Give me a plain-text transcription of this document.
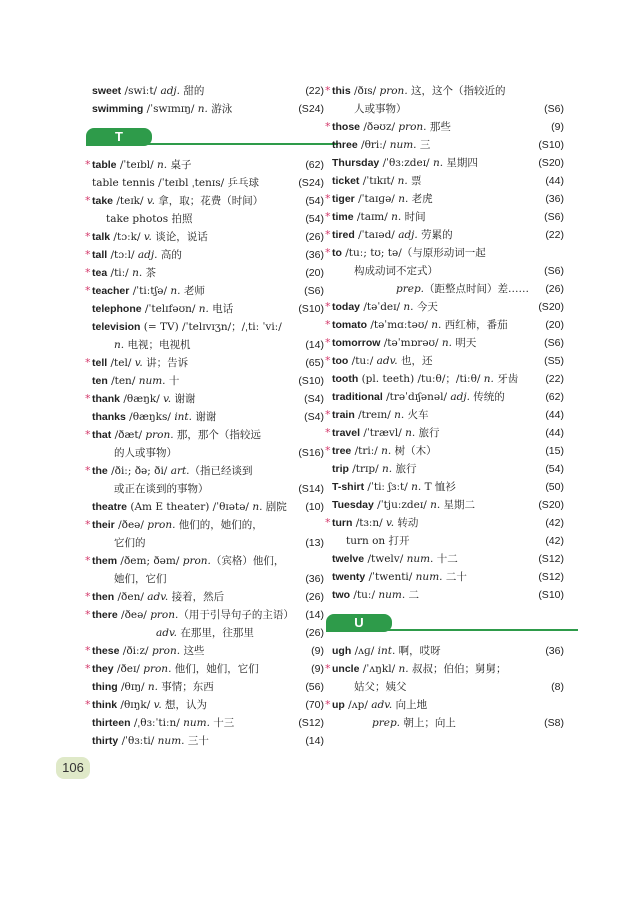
sweet /swiːt/ adj. 甜的	(22)
swimming /ˈswɪmɪŋ/ n. 游泳	(S24)
T
* table /ˈteɪbl/ n. 桌子	(62)
table tennis /ˈteɪbl ˌtenɪs/ 乒乓球	(S24)
* take /teɪk/ v. 拿，取；花费（时间）	(54)
take photos 拍照	(54)
* talk /tɔːk/ v. 谈论，说话	(26)
* tall /tɔːl/ adj. 高的	(36)
* tea /tiː/ n. 茶	(20)
* teacher /ˈtiːtʃə/ n. 老师	(S6)
telephone /ˈtelɪfəʊn/ n. 电话	(S10)
television (= TV) /ˈtelɪvɪʒn/；/ˌtiː ˈviː/
n. 电视；电视机	(14)
* tell /tel/ v. 讲；告诉	(65)
ten /ten/ num. 十	(S10)
* thank /θæŋk/ v. 谢谢	(S4)
thanks /θæŋks/ int. 谢谢	(S4)
* that /ðæt/ pron. 那，那个（指较远
的人或事物）	(S16)
* the /ðiː; ðə; ði/ art.（指已经谈到
或正在谈到的事物）	(S14)
theatre (Am E theater) /ˈθɪətə/ n. 剧院	(10)
* their /ðeə/ pron. 他们的，她们的，
它们的	(13)
* them /ðem; ðəm/ pron.（宾格）他们，
她们，它们	(36)
* then /ðen/ adv. 接着，然后	(26)
* there /ðeə/ pron.（用于引导句子的主语）	(14)
adv. 在那里，往那里	(26)
* these /ðiːz/ pron. 这些	(9)
* they /ðeɪ/ pron. 他们，她们，它们	(9)
thing /θɪŋ/ n. 事情；东西	(56)
* think /θɪŋk/ v. 想，认为	(70)
thirteen /ˌθɜːˈtiːn/ num. 十三	(S12)
thirty /ˈθɜːti/ num. 三十	(14)
* this /ðɪs/ pron. 这，这个（指较近的
人或事物）	(S6)
* those /ðəʊz/ pron. 那些	(9)
three /θriː/ num. 三	(S10)
Thursday /ˈθɜːzdeɪ/ n. 星期四	(S20)
ticket /ˈtɪkɪt/ n. 票	(44)
* tiger /ˈtaɪɡə/ n. 老虎	(36)
* time /taɪm/ n. 时间	(S6)
* tired /ˈtaɪəd/ adj. 劳累的	(22)
* to /tuː; tʊ; tə/（与原形动词一起
构成动词不定式）	(S6)
prep.（距整点时间）差……	(26)
* today /təˈdeɪ/ n. 今天	(S20)
* tomato /təˈmɑːtəʊ/ n. 西红柿，番茄	(20)
* tomorrow /təˈmɒrəʊ/ n. 明天	(S6)
* too /tuː/ adv. 也，还	(S5)
tooth (pl. teeth) /tuːθ/；/tiːθ/ n. 牙齿	(22)
traditional /trəˈdɪʃənəl/ adj. 传统的	(62)
* train /treɪn/ n. 火车	(44)
* travel /ˈtrævl/ n. 旅行	(44)
* tree /triː/ n. 树（木）	(15)
trip /trɪp/ n. 旅行	(54)
T-shirt /ˈtiː ʃɜːt/ n. T 恤衫	(50)
Tuesday /ˈtjuːzdeɪ/ n. 星期二	(S20)
* turn /tɜːn/ v. 转动	(42)
turn on 打开	(42)
twelve /twelv/ num. 十二	(S12)
twenty /ˈtwenti/ num. 二十	(S12)
two /tuː/ num. 二	(S10)
U
ugh /ʌɡ/ int. 啊，哎呀	(36)
* uncle /ˈʌŋkl/ n. 叔叔；伯伯；舅舅；
姑父；姨父	(8)
* up /ʌp/ adv. 向上地
prep. 朝上；向上	(S8)
106
